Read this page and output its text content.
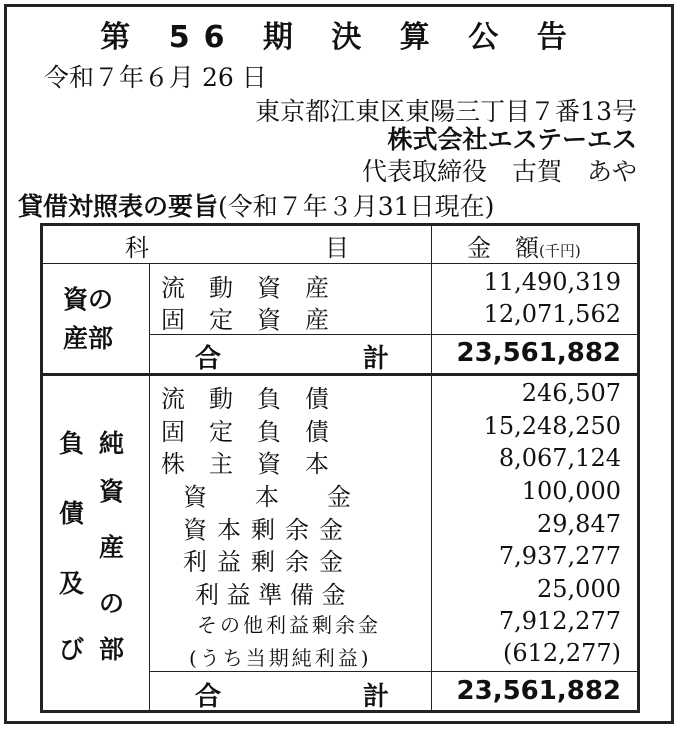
第 56 期 決 算 公 告
令和７年６月 26 日
東京都江東区東陽三丁目７番13号
株式会社エステーエス
代表取締役　古賀　あや
貸借対照表の要旨(令和７年３月31日現在)
科	目	金　額(千円)
資の
産部
流　動　資　産	11,490,319
固　定　資　産	12,071,562
合	計	23,561,882
負
債
及
び
純
資
産
の
部
流　動　負　債	246,507
固　定　負　債	15,248,250
株　主　資　本	8,067,124
資　　本　　金	100,000
資本剰余金	29,847
利益剰余金	7,937,277
利 益 準 備 金	25,000
その他利益剰余金	7,912,277
(うち当期純利益)	(612,277)
合	計	23,561,882
